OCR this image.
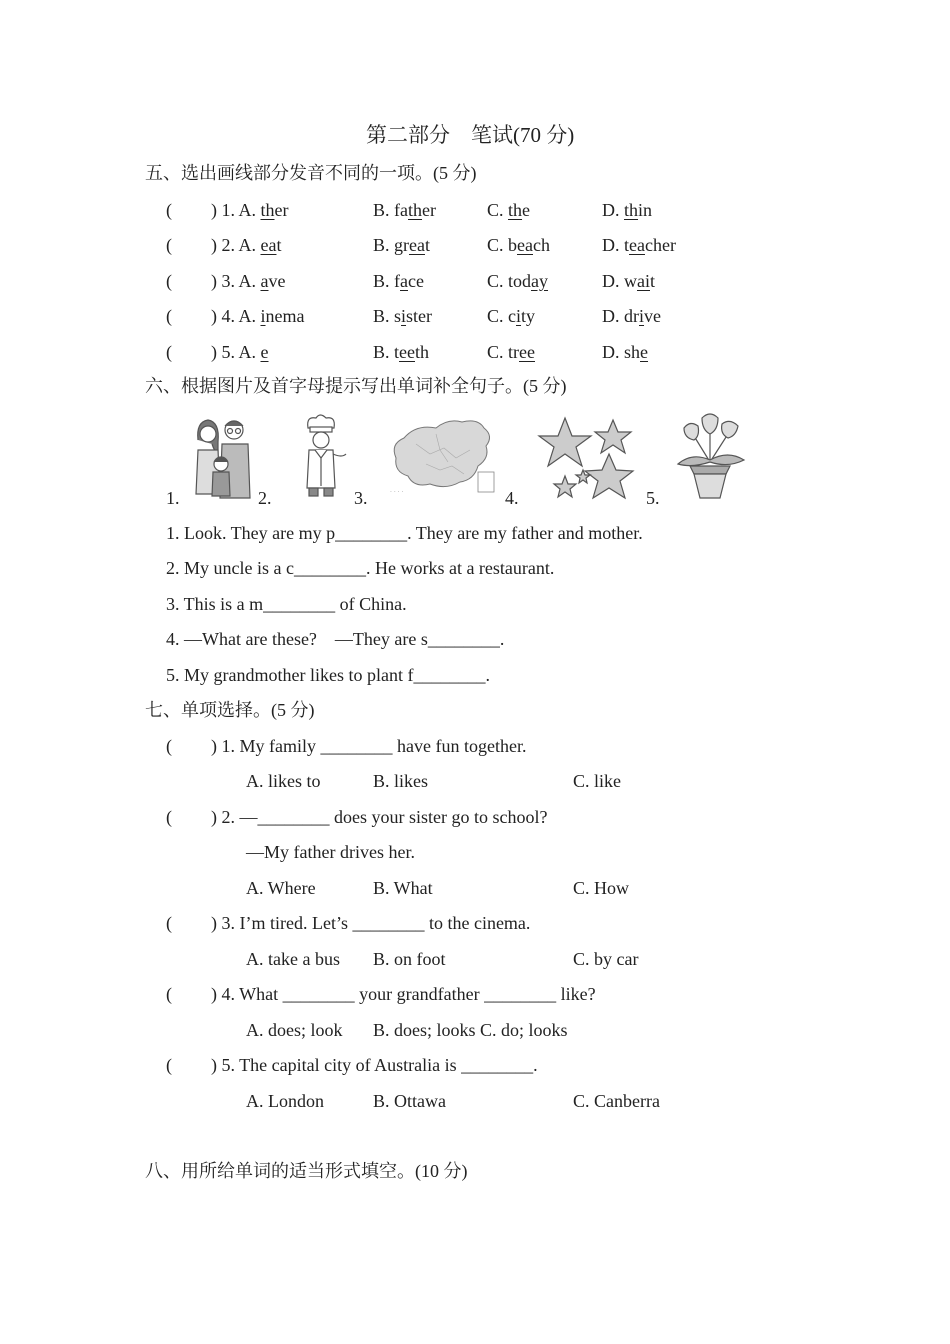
第二部分　笔试(70 分)
五、选出画线部分发音不同的一项。(5 分)
( ) 1. A. ther	B. father	C. the	D. thin
( ) 2. A. eat	B. great	C. beach	D. teacher
( ) 3. A. ave	B. face	C. today	D. wait
( ) 4. A. inema	B. sister	C. city	D. drive
( ) 5. A. e	B. teeth	C. tree	D. she
六、根据图片及首字母提示写出单词补全句子。(5 分)
1.	2.	3.	4.	5.
· · · ·
1. Look. They are my p________. They are my father and mother.
2. My uncle is a c________. He works at a restaurant.
3. This is a m________ of China.
4. —What are these?　—They are s________.
5. My grandmother likes to plant f________.
七、单项选择。(5 分)
( ) 1. My family ________ have fun together.
A. likes to	B. likes	C. like
( ) 2. —________ does your sister go to school?
—My father drives her.
A. Where	B. What	C. How
( ) 3. I’m tired. Let’s ________ to the cinema.
A. take a bus B. on foot	C. by car
( ) 4. What ________ your grandfather ________ like?
A. does; look B. does; looks C. do; looks
( ) 5. The capital city of Australia is ________.
A. London	B. Ottawa	C. Canberra
八、用所给单词的适当形式填空。(10 分)
